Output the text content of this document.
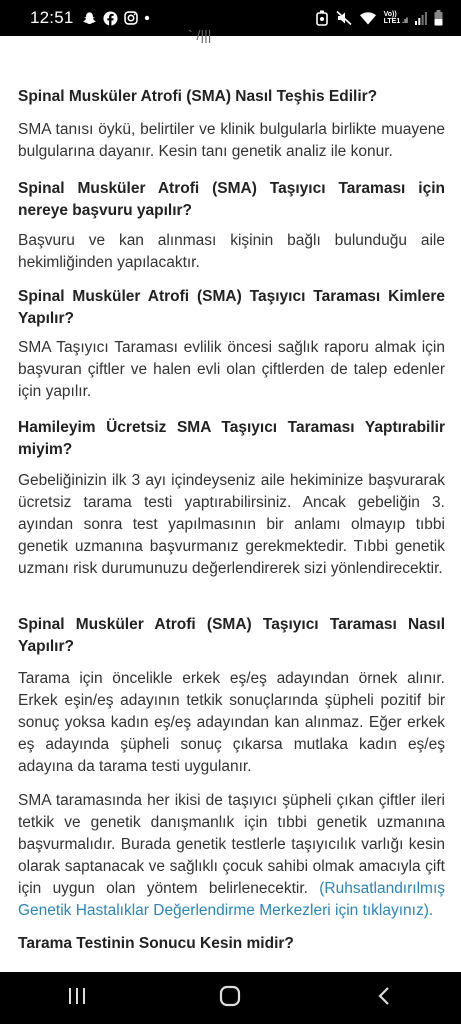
12:51	Vo))
LTE1 .ıl
` /|||
Spinal Musküler Atrofi (SMA) Nasıl Teşhis Edilir?
SMA tanısı öykü, belirtiler ve klinik bulgularla birlikte muayene bulgularına dayanır. Kesin tanı genetik analiz ile konur.
Spinal Musküler Atrofi (SMA) Taşıyıcı Taraması için nereye başvuru yapılır?
Başvuru ve kan alınması kişinin bağlı bulunduğu aile hekimliğinden yapılacaktır.
Spinal Musküler Atrofi (SMA) Taşıyıcı Taraması Kimlere Yapılır?
SMA Taşıyıcı Taraması evlilik öncesi sağlık raporu almak için başvuran çiftler ve halen evli olan çiftlerden de talep edenler için yapılır.
Hamileyim Ücretsiz SMA Taşıyıcı Taraması Yaptırabilir miyim?
Gebeliğinizin ilk 3 ayı içindeyseniz aile hekiminize başvurarak ücretsiz tarama testi yaptırabilirsiniz. Ancak gebeliğin 3. ayından sonra test yapılmasının bir anlamı olmayıp tıbbi genetik uzmanına başvurmanız gerekmektedir. Tıbbi genetik uzmanı risk durumunuzu değerlendirerek sizi yönlendirecektir.
Spinal Musküler Atrofi (SMA) Taşıyıcı Taraması Nasıl Yapılır?
Tarama için öncelikle erkek eş/eş adayından örnek alınır. Erkek eşin/eş adayının tetkik sonuçlarında şüpheli pozitif bir sonuç yoksa kadın eş/eş adayından kan alınmaz. Eğer erkek eş adayında şüpheli sonuç çıkarsa mutlaka kadın eş/eş adayına da tarama testi uygulanır.
SMA taramasında her ikisi de taşıyıcı şüpheli çıkan çiftler ileri tetkik ve genetik danışmanlık için tıbbi genetik uzmanına başvurmalıdır. Burada genetik testlerle taşıyıcılık varlığı kesin olarak saptanacak ve sağlıklı çocuk sahibi olmak amacıyla çift için uygun olan yöntem belirlenecektir. (Ruhsatlandırılmış Genetik Hastalıklar Değerlendirme Merkezleri için tıklayınız).
Tarama Testinin Sonucu Kesin midir?
